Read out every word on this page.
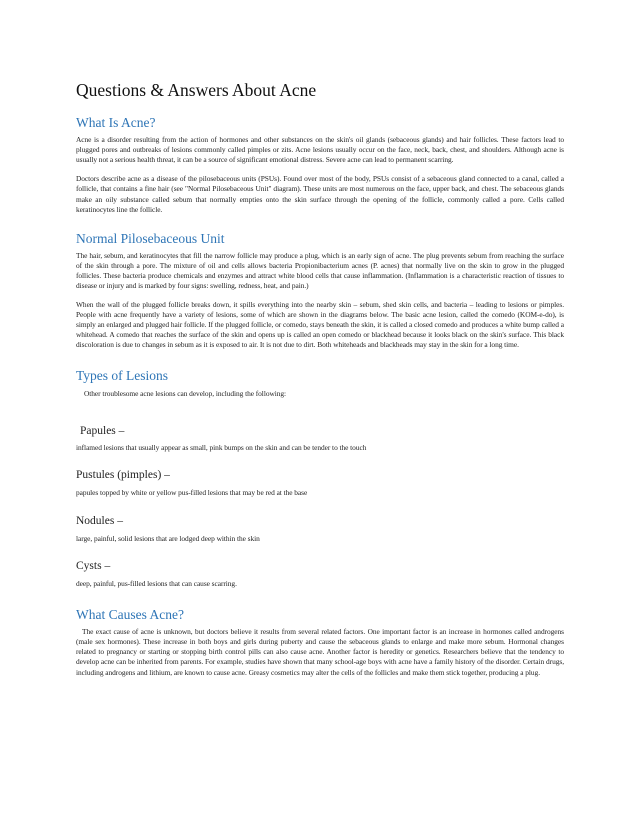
Questions & Answers About Acne
What Is Acne?

Acne is a disorder resulting from the action of hormones and other substances on the skin's oil glands (sebaceous glands) and hair follicles. These factors lead to plugged pores and outbreaks of lesions commonly called pimples or zits. Acne lesions usually occur on the face, neck, back, chest, and shoulders. Although acne is usually not a serious health threat, it can be a source of significant emotional distress. Severe acne can lead to permanent scarring.

Doctors describe acne as a disease of the pilosebaceous units (PSUs). Found over most of the body, PSUs consist of a sebaceous gland connected to a canal, called a follicle, that contains a fine hair (see "Normal Pilosebaceous Unit" diagram). These units are most numerous on the face, upper back, and chest. The sebaceous glands make an oily substance called sebum that normally empties onto the skin surface through the opening of the follicle, commonly called a pore. Cells called keratinocytes line the follicle.

Normal Pilosebaceous Unit

The hair, sebum, and keratinocytes that fill the narrow follicle may produce a plug, which is an early sign of acne. The plug prevents sebum from reaching the surface of the skin through a pore. The mixture of oil and cells allows bacteria Propionibacterium acnes (P. acnes) that normally live on the skin to grow in the plugged follicles. These bacteria produce chemicals and enzymes and attract white blood cells that cause inflammation. (Inflammation is a characteristic reaction of tissues to disease or injury and is marked by four signs: swelling, redness, heat, and pain.)

When the wall of the plugged follicle breaks down, it spills everything into the nearby skin – sebum, shed skin cells, and bacteria – leading to lesions or pimples. People with acne frequently have a variety of lesions, some of which are shown in the diagrams below. The basic acne lesion, called the comedo (KOM-e-do), is simply an enlarged and plugged hair follicle. If the plugged follicle, or comedo, stays beneath the skin, it is called a closed comedo and produces a white bump called a whitehead. A comedo that reaches the surface of the skin and opens up is called an open comedo or blackhead because it looks black on the skin's surface. This black discoloration is due to changes in sebum as it is exposed to air. It is not due to dirt. Both whiteheads and blackheads may stay in the skin for a long time.

Types of Lesions

Other troublesome acne lesions can develop, including the following:

Papules –

inflamed lesions that usually appear as small, pink bumps on the skin and can be tender to the touch

Pustules (pimples) –

papules topped by white or yellow pus-filled lesions that may be red at the base

Nodules –

large, painful, solid lesions that are lodged deep within the skin

Cysts –

deep, painful, pus-filled lesions that can cause scarring.

What Causes Acne?

The exact cause of acne is unknown, but doctors believe it results from several related factors. One important factor is an increase in hormones called androgens (male sex hormones). These increase in both boys and girls during puberty and cause the sebaceous glands to enlarge and make more sebum. Hormonal changes related to pregnancy or starting or stopping birth control pills can also cause acne. Another factor is heredity or genetics. Researchers believe that the tendency to develop acne can be inherited from parents. For example, studies have shown that many school-age boys with acne have a family history of the disorder. Certain drugs, including androgens and lithium, are known to cause acne. Greasy cosmetics may alter the cells of the follicles and make them stick together, producing a plug.
